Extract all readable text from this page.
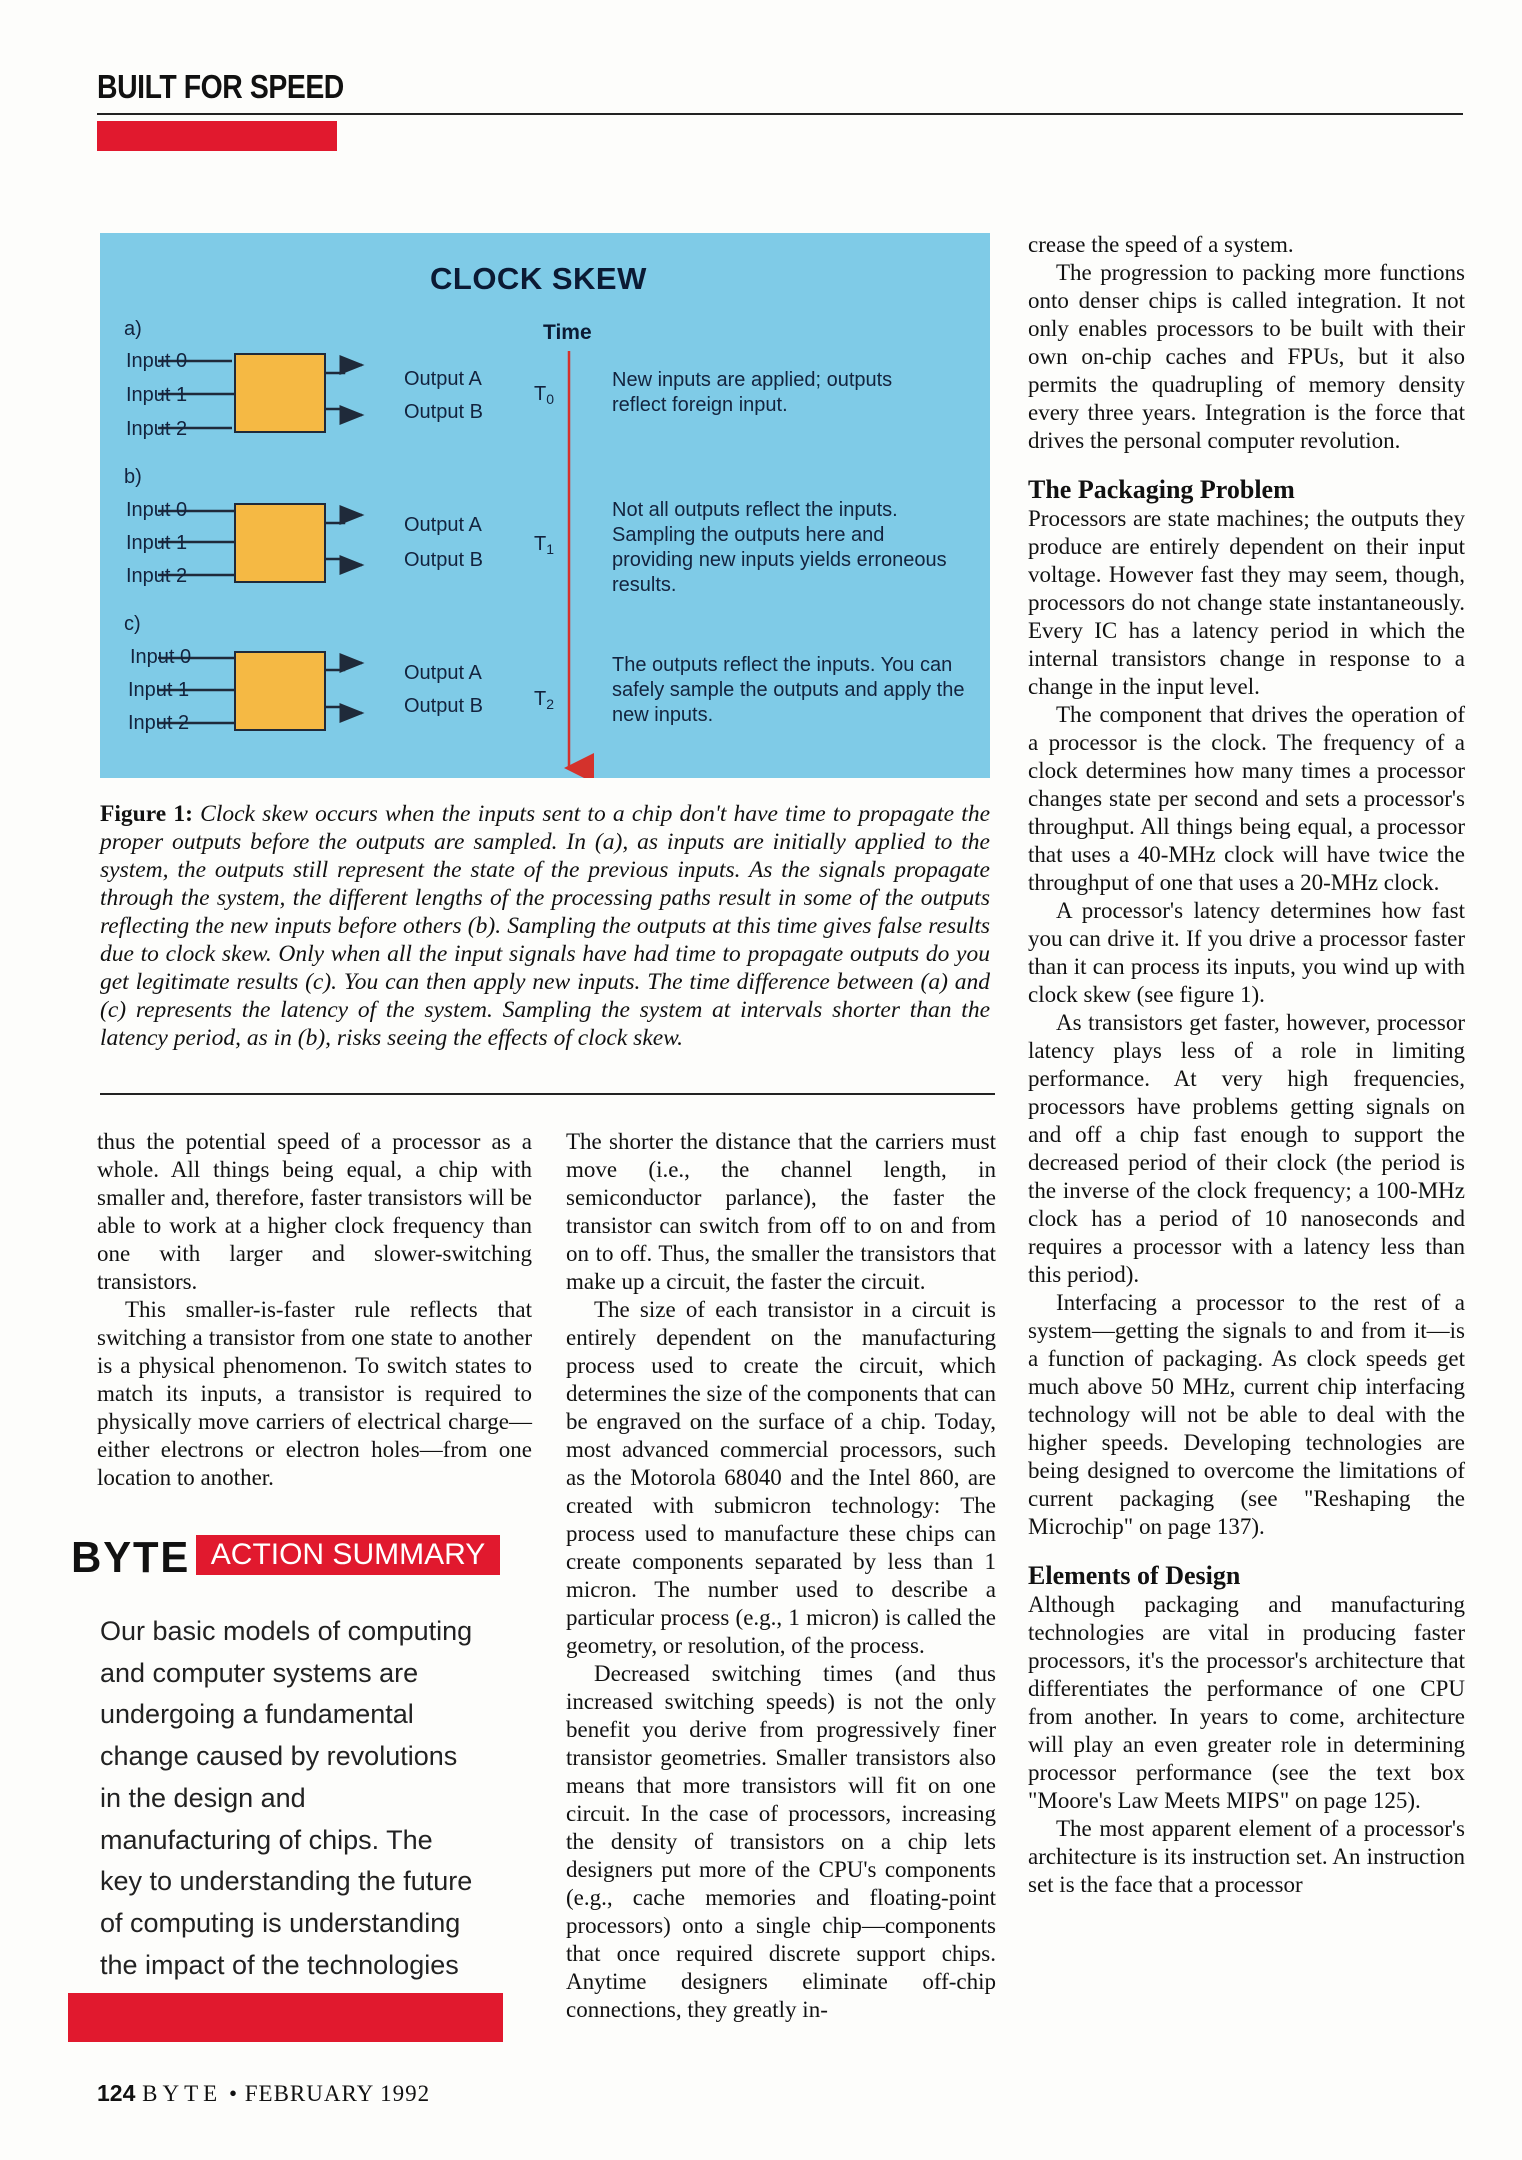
BUILT FOR SPEED
CLOCK SKEW
Time
a)
Input 0
Input 1
Input 2
Output A
Output B
$T_0$
New inputs are applied; outputs reflect foreign input.
b)
Input 0
Input 1
Input 2
Output A
Output B
$T_1$
Not all outputs reflect the inputs. Sampling the outputs here and providing new inputs yields erroneous results.
c)
Input 0
Input 1
Input 2
Output A
Output B	$T_2$
The outputs reflect the inputs. You can safely sample the outputs and apply the new inputs.
Figure 1: Clock skew occurs when the inputs sent to a chip don't have time to propagate the proper outputs before the outputs are sampled. In (a), as inputs are initially applied to the system, the outputs still represent the state of the previous inputs. As the signals propagate through the system, the different lengths of the processing paths result in some of the outputs reflecting the new inputs before others (b). Sampling the outputs at this time gives false results due to clock skew. Only when all the input signals have had time to propagate outputs do you get legitimate results (c). You can then apply new inputs. The time difference between (a) and (c) represents the latency of the system. Sampling the system at intervals shorter than the latency period, as in (b), risks seeing the effects of clock skew.

thus the potential speed of a processor as a whole. All things being equal, a chip with smaller and, therefore, faster transistors will be able to work at a higher clock frequency than one with larger and slower-switching transistors.

This smaller-is-faster rule reflects that switching a transistor from one state to another is a physical phenomenon. To switch states to match its inputs, a transistor is required to physically move carriers of electrical charge—either electrons or electron holes—from one location to another.

BYTE ACTION SUMMARY
Our basic models of computing and computer systems are undergoing a fundamental change caused by revolutions in the design and manufacturing of chips. The key to understanding the future of computing is understanding the impact of the technologies

The shorter the distance that the carriers must move (i.e., the channel length, in semiconductor parlance), the faster the transistor can switch from off to on and from on to off. Thus, the smaller the transistors that make up a circuit, the faster the circuit.

The size of each transistor in a circuit is entirely dependent on the manufacturing process used to create the circuit, which determines the size of the components that can be engraved on the surface of a chip. Today, most advanced commercial processors, such as the Motorola 68040 and the Intel 860, are created with submicron technology: The process used to manufacture these chips can create components separated by less than 1 micron. The number used to describe a particular process (e.g., 1 micron) is called the geometry, or resolution, of the process.

Decreased switching times (and thus increased switching speeds) is not the only benefit you derive from progressively finer transistor geometries. Smaller transistors also means that more transistors will fit on one circuit. In the case of processors, increasing the density of transistors on a chip lets designers put more of the CPU's components (e.g., cache memories and floating-point processors) onto a single chip—components that once required discrete support chips. Anytime designers eliminate off-chip connections, they greatly in-

crease the speed of a system.

The progression to packing more functions onto denser chips is called integration. It not only enables processors to be built with their own on-chip caches and FPUs, but it also permits the quadrupling of memory density every three years. Integration is the force that drives the personal computer revolution.

The Packaging Problem

Processors are state machines; the outputs they produce are entirely dependent on their input voltage. However fast they may seem, though, processors do not change state instantaneously. Every IC has a latency period in which the internal transistors change in response to a change in the input level.

The component that drives the operation of a processor is the clock. The frequency of a clock determines how many times a processor changes state per second and sets a processor's throughput. All things being equal, a processor that uses a 40-MHz clock will have twice the throughput of one that uses a 20-MHz clock.

A processor's latency determines how fast you can drive it. If you drive a processor faster than it can process its inputs, you wind up with clock skew (see figure 1).

As transistors get faster, however, processor latency plays less of a role in limiting performance. At very high frequencies, processors have problems getting signals on and off a chip fast enough to support the decreased period of their clock (the period is the inverse of the clock frequency; a 100-MHz clock has a period of 10 nanoseconds and requires a processor with a latency less than this period).

Interfacing a processor to the rest of a system—getting the signals to and from it—is a function of packaging. As clock speeds get much above 50 MHz, current chip interfacing technology will not be able to deal with the higher speeds. Developing technologies are being designed to overcome the limitations of current packaging (see "Reshaping the Microchip" on page 137).

Elements of Design

Although packaging and manufacturing technologies are vital in producing faster processors, it's the processor's architecture that differentiates the performance of one CPU from another. In years to come, architecture will play an even greater role in determining processor performance (see the text box "Moore's Law Meets MIPS" on page 125).

The most apparent element of a processor's architecture is its instruction set. An instruction set is the face that a processor

124 BYTE • FEBRUARY 1992
